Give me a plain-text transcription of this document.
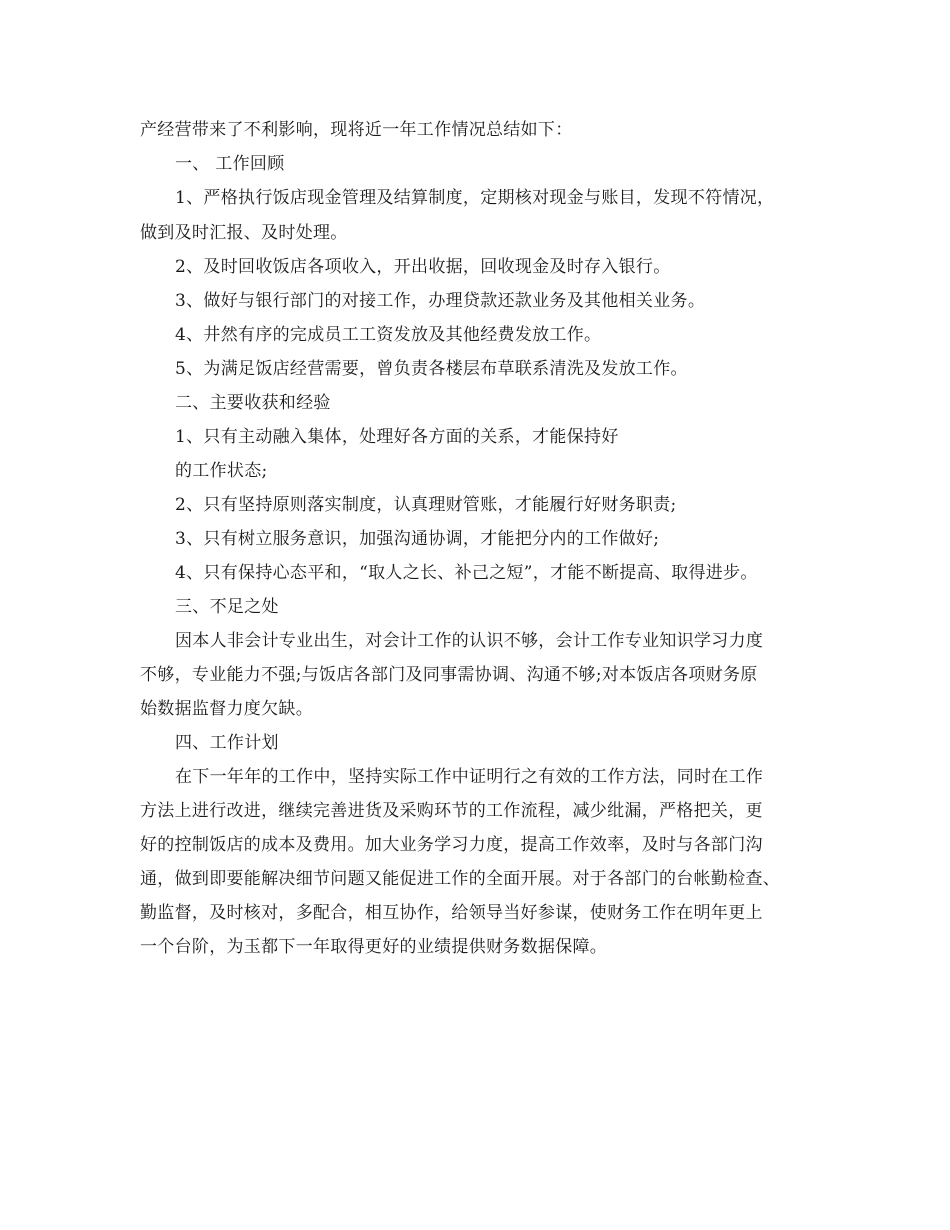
产经营带来了不利影响，现将近一年工作情况总结如下：
一、 工作回顾
1、严格执行饭店现金管理及结算制度，定期核对现金与账目，发现不符情况，
做到及时汇报、及时处理。
2、及时回收饭店各项收入，开出收据，回收现金及时存入银行。
3、做好与银行部门的对接工作，办理贷款还款业务及其他相关业务。
4、井然有序的完成员工工资发放及其他经费发放工作。
5、为满足饭店经营需要，曾负责各楼层布草联系清洗及发放工作。
二、主要收获和经验
1、只有主动融入集体，处理好各方面的关系，才能保持好
的工作状态;
2、只有坚持原则落实制度，认真理财管账，才能履行好财务职责;
3、只有树立服务意识，加强沟通协调，才能把分内的工作做好;
4、只有保持心态平和，“取人之长、补己之短”，才能不断提高、取得进步。
三、不足之处
因本人非会计专业出生，对会计工作的认识不够，会计工作专业知识学习力度
不够，专业能力不强;与饭店各部门及同事需协调、沟通不够;对本饭店各项财务原
始数据监督力度欠缺。
四、工作计划
在下一年年的工作中，坚持实际工作中证明行之有效的工作方法，同时在工作
方法上进行改进，继续完善进货及采购环节的工作流程，减少纰漏，严格把关，更
好的控制饭店的成本及费用。加大业务学习力度，提高工作效率，及时与各部门沟
通，做到即要能解决细节问题又能促进工作的全面开展。对于各部门的台帐勤检查、
勤监督，及时核对，多配合，相互协作，给领导当好参谋，使财务工作在明年更上
一个台阶，为玉都下一年取得更好的业绩提供财务数据保障。
